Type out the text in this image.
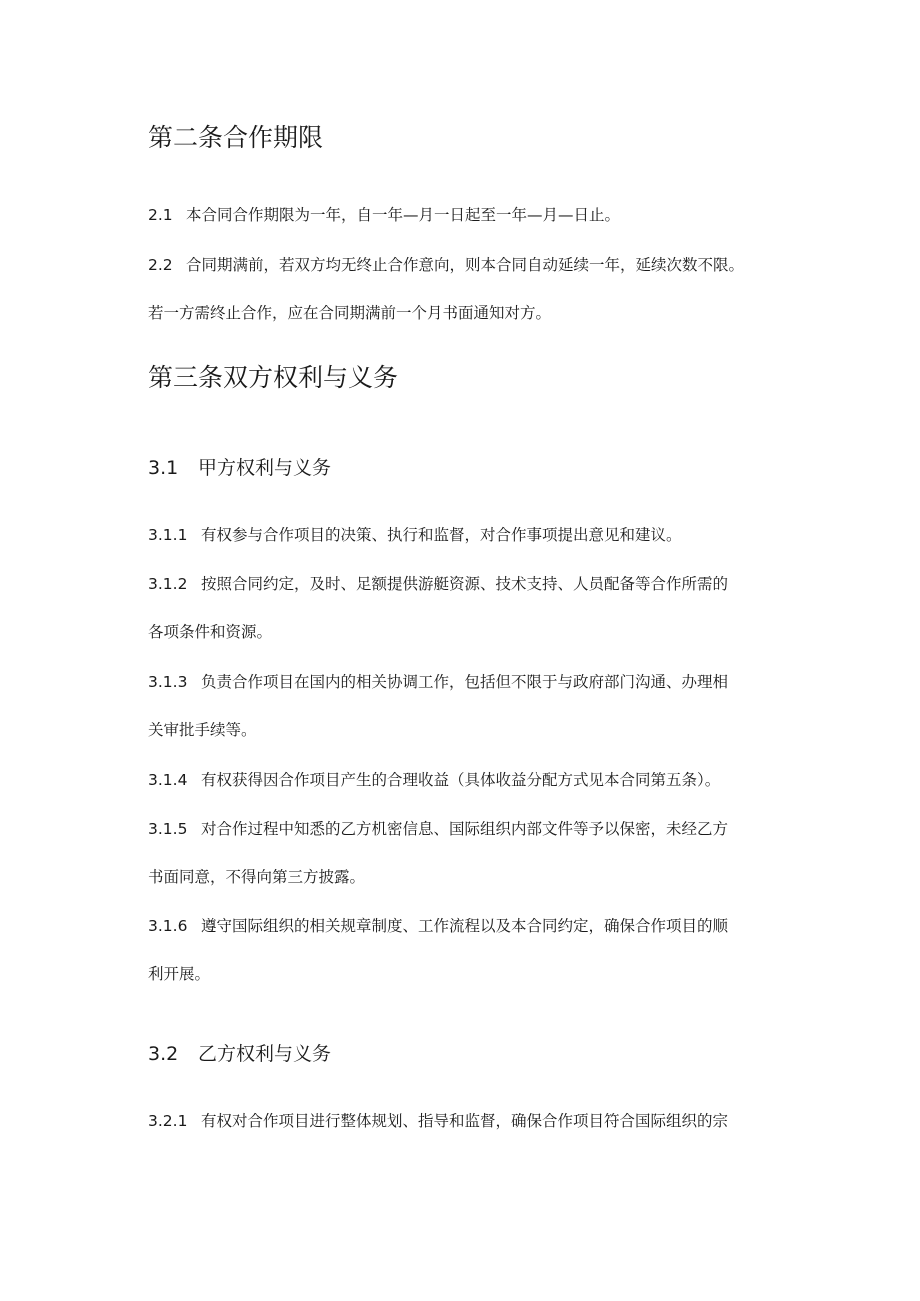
第二条合作期限
2.1 本合同合作期限为一年，自一年—月一日起至一年—月—日止。
2.2 合同期满前，若双方均无终止合作意向，则本合同自动延续一年，延续次数不限。
若一方需终止合作，应在合同期满前一个月书面通知对方。
第三条双方权利与义务
3.1 甲方权利与义务
3.1.1 有权参与合作项目的决策、执行和监督，对合作事项提出意见和建议。
3.1.2 按照合同约定，及时、足额提供游艇资源、技术支持、人员配备等合作所需的
各项条件和资源。
3.1.3 负责合作项目在国内的相关协调工作，包括但不限于与政府部门沟通、办理相
关审批手续等。
3.1.4 有权获得因合作项目产生的合理收益（具体收益分配方式见本合同第五条）。
3.1.5 对合作过程中知悉的乙方机密信息、国际组织内部文件等予以保密，未经乙方
书面同意，不得向第三方披露。
3.1.6 遵守国际组织的相关规章制度、工作流程以及本合同约定，确保合作项目的顺
利开展。
3.2 乙方权利与义务
3.2.1 有权对合作项目进行整体规划、指导和监督，确保合作项目符合国际组织的宗
